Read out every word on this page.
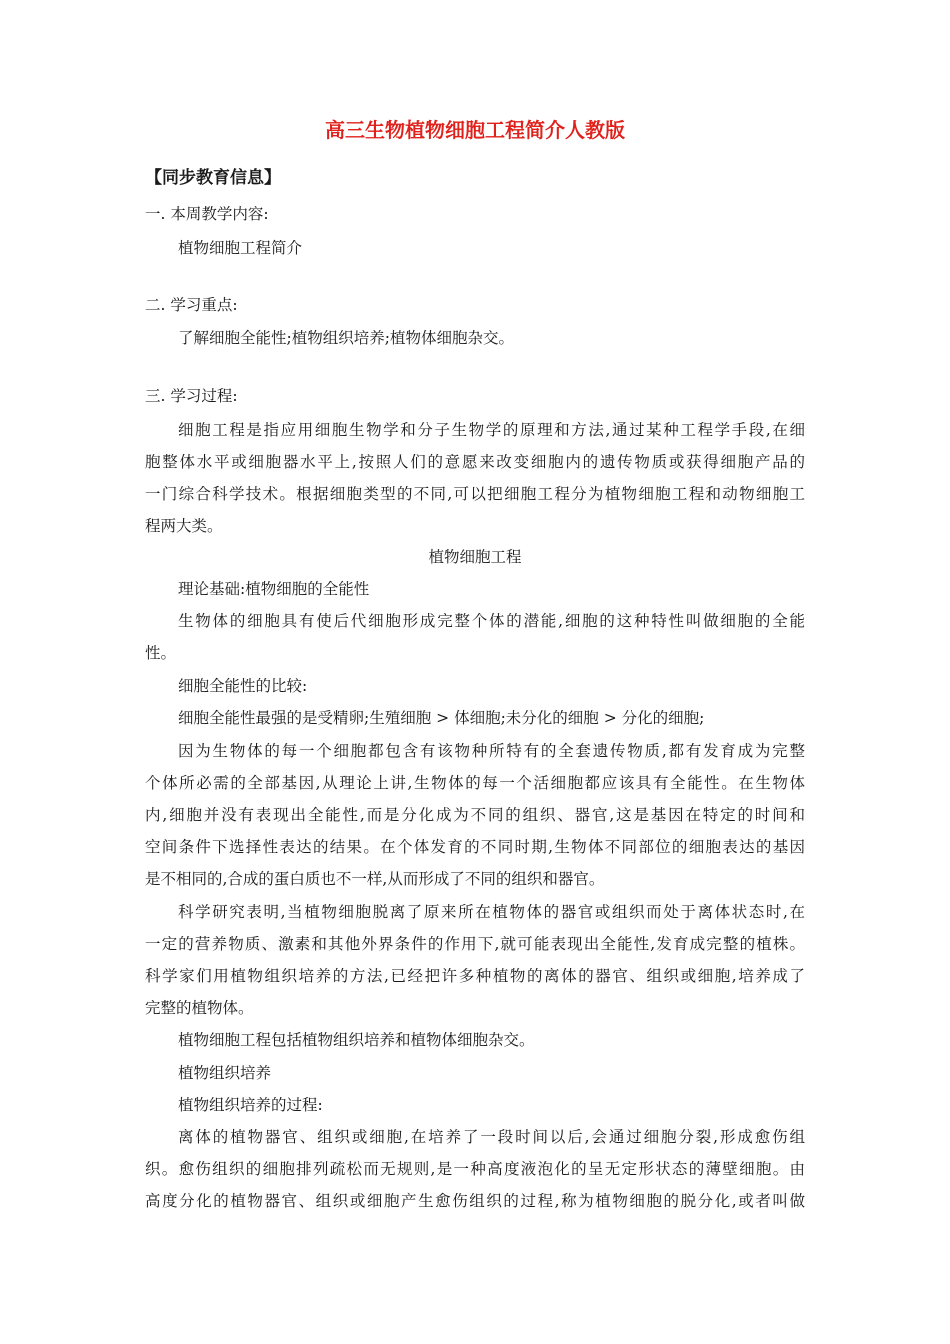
高三生物植物细胞工程简介人教版

【同步教育信息】

一. 本周教学内容:

植物细胞工程简介

二. 学习重点:

了解细胞全能性;植物组织培养;植物体细胞杂交。

三. 学习过程:

细胞工程是指应用细胞生物学和分子生物学的原理和方法,通过某种工程学手段,在细

胞整体水平或细胞器水平上,按照人们的意愿来改变细胞内的遗传物质或获得细胞产品的

一门综合科学技术。根据细胞类型的不同,可以把细胞工程分为植物细胞工程和动物细胞工

程两大类。

植物细胞工程

理论基础:植物细胞的全能性

生物体的细胞具有使后代细胞形成完整个体的潜能,细胞的这种特性叫做细胞的全能

性。

细胞全能性的比较:

细胞全能性最强的是受精卵;生殖细胞 > 体细胞;未分化的细胞 > 分化的细胞;

因为生物体的每一个细胞都包含有该物种所特有的全套遗传物质,都有发育成为完整

个体所必需的全部基因,从理论上讲,生物体的每一个活细胞都应该具有全能性。在生物体

内,细胞并没有表现出全能性,而是分化成为不同的组织、器官,这是基因在特定的时间和

空间条件下选择性表达的结果。在个体发育的不同时期,生物体不同部位的细胞表达的基因

是不相同的,合成的蛋白质也不一样,从而形成了不同的组织和器官。

科学研究表明,当植物细胞脱离了原来所在植物体的器官或组织而处于离体状态时,在

一定的营养物质、激素和其他外界条件的作用下,就可能表现出全能性,发育成完整的植株。

科学家们用植物组织培养的方法,已经把许多种植物的离体的器官、组织或细胞,培养成了

完整的植物体。

植物细胞工程包括植物组织培养和植物体细胞杂交。

植物组织培养

植物组织培养的过程:

离体的植物器官、组织或细胞,在培养了一段时间以后,会通过细胞分裂,形成愈伤组

织。愈伤组织的细胞排列疏松而无规则,是一种高度液泡化的呈无定形状态的薄壁细胞。由

高度分化的植物器官、组织或细胞产生愈伤组织的过程,称为植物细胞的脱分化,或者叫做
